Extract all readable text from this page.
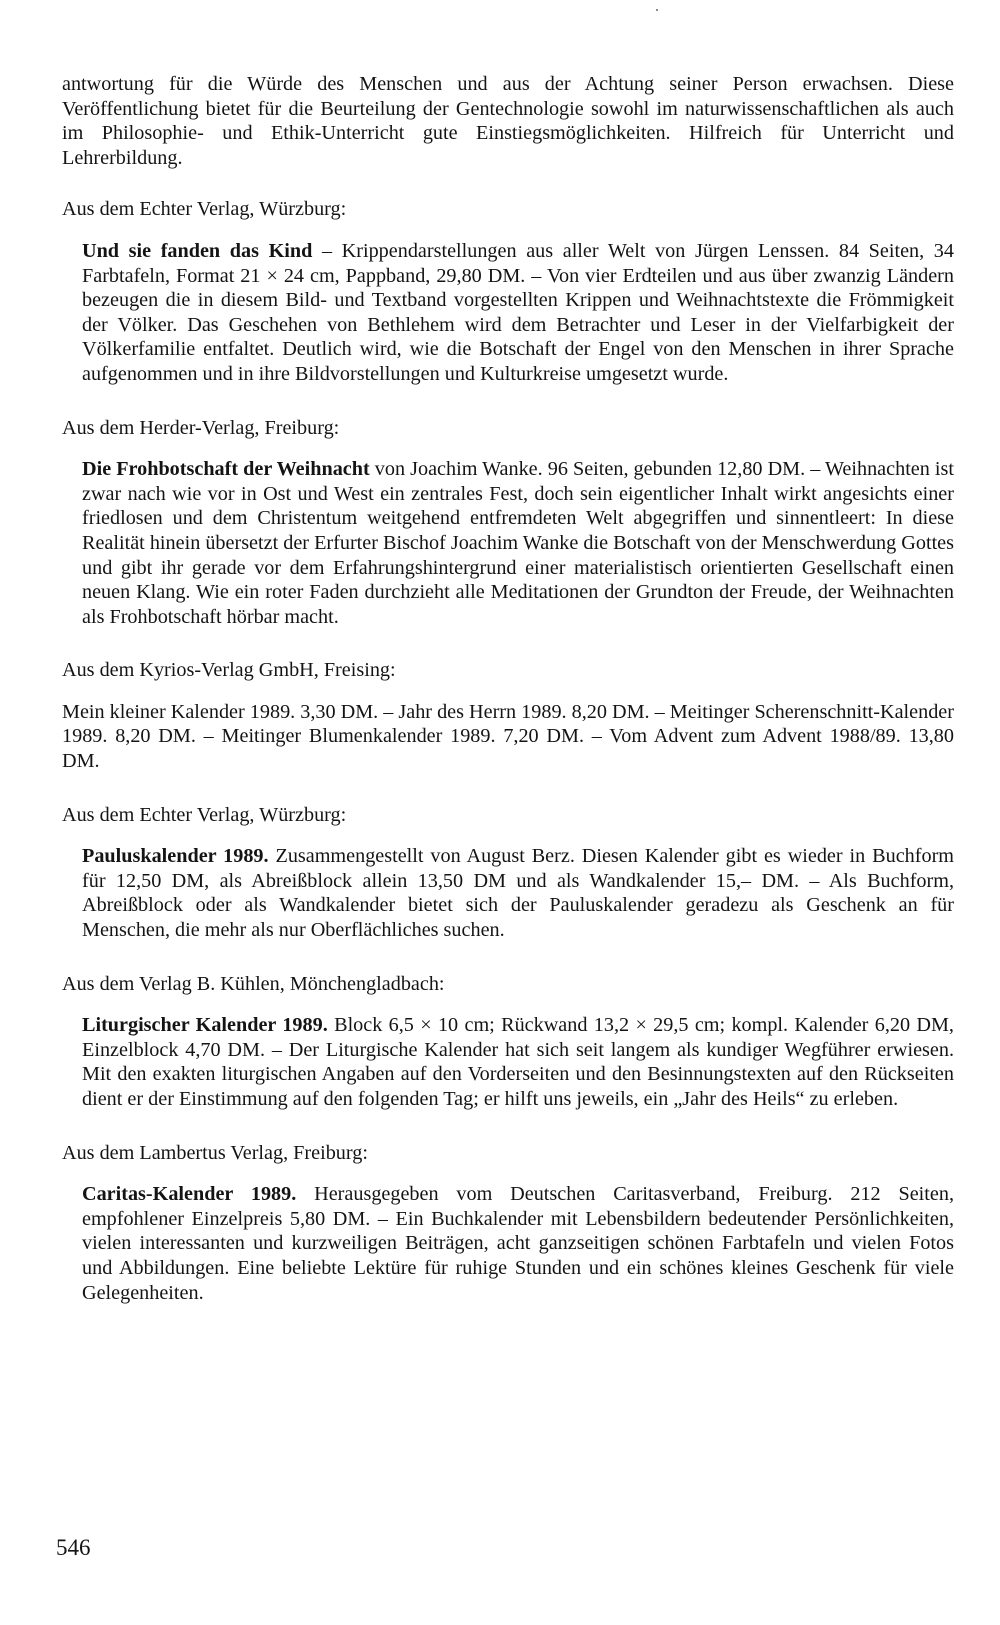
antwortung für die Würde des Menschen und aus der Achtung seiner Person erwachsen. Diese Veröffentlichung bietet für die Beurteilung der Gentechnologie sowohl im naturwissenschaftlichen als auch im Philosophie- und Ethik-Unterricht gute Einstiegsmöglichkeiten. Hilfreich für Unterricht und Lehrerbildung.

Aus dem Echter Verlag, Würzburg:

Und sie fanden das Kind – Krippendarstellungen aus aller Welt von Jürgen Lenssen. 84 Seiten, 34 Farbtafeln, Format 21 × 24 cm, Pappband, 29,80 DM. – Von vier Erdteilen und aus über zwanzig Ländern bezeugen die in diesem Bild- und Textband vorgestellten Krippen und Weihnachtstexte die Frömmigkeit der Völker. Das Geschehen von Bethlehem wird dem Betrachter und Leser in der Vielfarbigkeit der Völkerfamilie entfaltet. Deutlich wird, wie die Botschaft der Engel von den Menschen in ihrer Sprache aufgenommen und in ihre Bildvorstellungen und Kulturkreise umgesetzt wurde.

Aus dem Herder-Verlag, Freiburg:

Die Frohbotschaft der Weihnacht von Joachim Wanke. 96 Seiten, gebunden 12,80 DM. – Weihnachten ist zwar nach wie vor in Ost und West ein zentrales Fest, doch sein eigentlicher Inhalt wirkt angesichts einer friedlosen und dem Christentum weitgehend entfremdeten Welt abgegriffen und sinnentleert: In diese Realität hinein übersetzt der Erfurter Bischof Joachim Wanke die Botschaft von der Menschwerdung Gottes und gibt ihr gerade vor dem Erfahrungshintergrund einer materialistisch orientierten Gesellschaft einen neuen Klang. Wie ein roter Faden durchzieht alle Meditationen der Grundton der Freude, der Weihnachten als Frohbotschaft hörbar macht.

Aus dem Kyrios-Verlag GmbH, Freising:

Mein kleiner Kalender 1989. 3,30 DM. – Jahr des Herrn 1989. 8,20 DM. – Meitinger Scherenschnitt-Kalender 1989. 8,20 DM. – Meitinger Blumenkalender 1989. 7,20 DM. – Vom Advent zum Advent 1988/89. 13,80 DM.

Aus dem Echter Verlag, Würzburg:

Pauluskalender 1989. Zusammengestellt von August Berz. Diesen Kalender gibt es wieder in Buchform für 12,50 DM, als Abreißblock allein 13,50 DM und als Wandkalender 15,– DM. – Als Buchform, Abreißblock oder als Wandkalender bietet sich der Pauluskalender geradezu als Geschenk an für Menschen, die mehr als nur Oberflächliches suchen.

Aus dem Verlag B. Kühlen, Mönchengladbach:

Liturgischer Kalender 1989. Block 6,5 × 10 cm; Rückwand 13,2 × 29,5 cm; kompl. Kalender 6,20 DM, Einzelblock 4,70 DM. – Der Liturgische Kalender hat sich seit langem als kundiger Wegführer erwiesen. Mit den exakten liturgischen Angaben auf den Vorderseiten und den Besinnungstexten auf den Rückseiten dient er der Einstimmung auf den folgenden Tag; er hilft uns jeweils, ein „Jahr des Heils“ zu erleben.

Aus dem Lambertus Verlag, Freiburg:

Caritas-Kalender 1989. Herausgegeben vom Deutschen Caritasverband, Freiburg. 212 Seiten, empfohlener Einzelpreis 5,80 DM. – Ein Buchkalender mit Lebensbildern bedeutender Persönlichkeiten, vielen interessanten und kurzweiligen Beiträgen, acht ganzseitigen schönen Farbtafeln und vielen Fotos und Abbildungen. Eine beliebte Lektüre für ruhige Stunden und ein schönes kleines Geschenk für viele Gelegenheiten.

546
